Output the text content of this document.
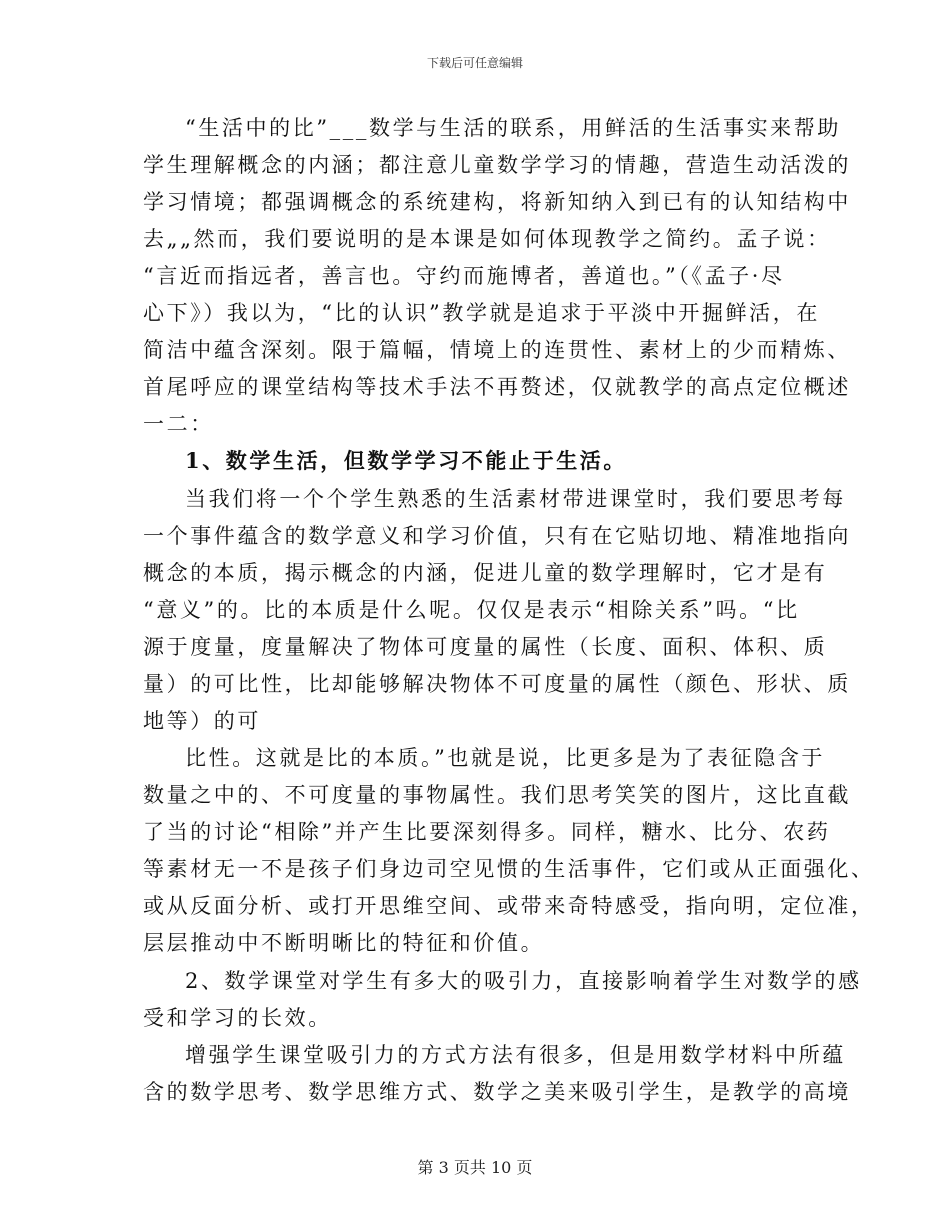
下载后可任意编辑
“生活中的比”___数学与生活的联系，用鲜活的生活事实来帮助
学生理解概念的内涵；都注意儿童数学学习的情趣，营造生动活泼的
学习情境；都强调概念的系统建构，将新知纳入到已有的认知结构中
去„„然而，我们要说明的是本课是如何体现教学之简约。孟子说：
“言近而指远者，善言也。守约而施博者，善道也。”（《孟子·尽
心下》）我以为，“比的认识”教学就是追求于平淡中开掘鲜活，在
简洁中蕴含深刻。限于篇幅，情境上的连贯性、素材上的少而精炼、
首尾呼应的课堂结构等技术手法不再赘述，仅就教学的高点定位概述
一二：
1、数学生活，但数学学习不能止于生活。
当我们将一个个学生熟悉的生活素材带进课堂时，我们要思考每
一个事件蕴含的数学意义和学习价值，只有在它贴切地、精准地指向
概念的本质，揭示概念的内涵，促进儿童的数学理解时，它才是有
“意义”的。比的本质是什么呢。仅仅是表示“相除关系”吗。“比
源于度量，度量解决了物体可度量的属性（长度、面积、体积、质
量）的可比性，比却能够解决物体不可度量的属性（颜色、形状、质
地等）的可
比性。这就是比的本质。”也就是说，比更多是为了表征隐含于
数量之中的、不可度量的事物属性。我们思考笑笑的图片，这比直截
了当的讨论“相除”并产生比要深刻得多。同样，糖水、比分、农药
等素材无一不是孩子们身边司空见惯的生活事件，它们或从正面强化、
或从反面分析、或打开思维空间、或带来奇特感受，指向明，定位准，
层层推动中不断明晰比的特征和价值。
2、数学课堂对学生有多大的吸引力，直接影响着学生对数学的感
受和学习的长效。
增强学生课堂吸引力的方式方法有很多，但是用数学材料中所蕴
含的数学思考、数学思维方式、数学之美来吸引学生，是教学的高境
第 3 页共 10 页
